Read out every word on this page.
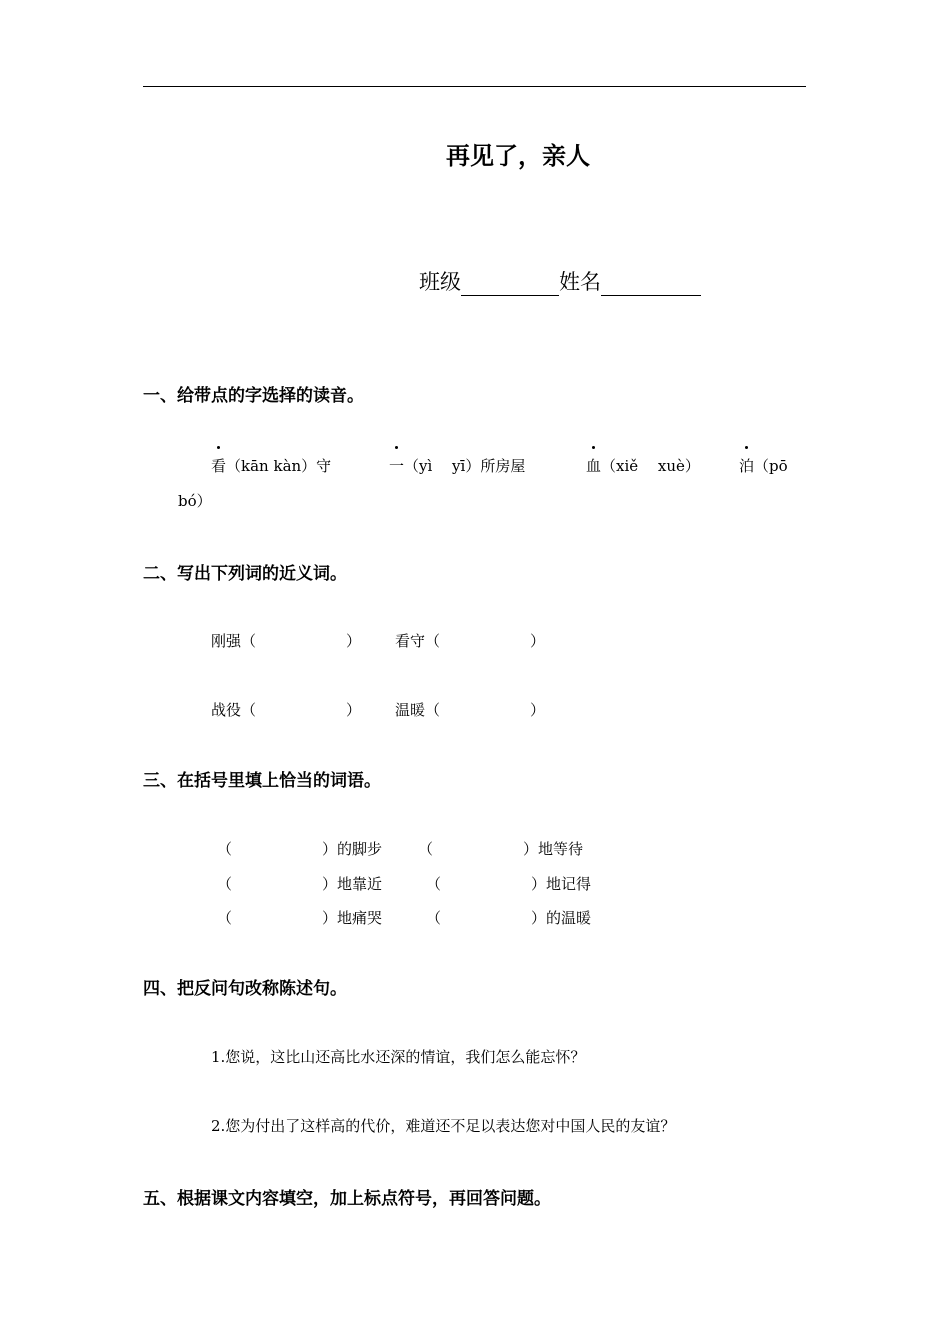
再见了，亲人
班级	姓名
一、给带点的字选择的读音。
看（kān kàn）守	一（yì　 yī）所房屋	血（xiě　 xuè）	泊（pō
bó）
二、写出下列词的近义词。
刚强（　　　　　　） 看守（　　　　　　）
战役（　　　　　　） 温暖（　　　　　　）
三、在括号里填上恰当的词语。
（　　　　　　）的脚步 （　　　　　　）地等待
（　　　　　　）地靠近	（　　　　　　）地记得
（　　　　　　）地痛哭	（　　　　　　）的温暖
四、把反问句改称陈述句。
1.您说，这比山还高比水还深的情谊，我们怎么能忘怀？
2.您为付出了这样高的代价，难道还不足以表达您对中国人民的友谊？
五、根据课文内容填空，加上标点符号，再回答问题。
